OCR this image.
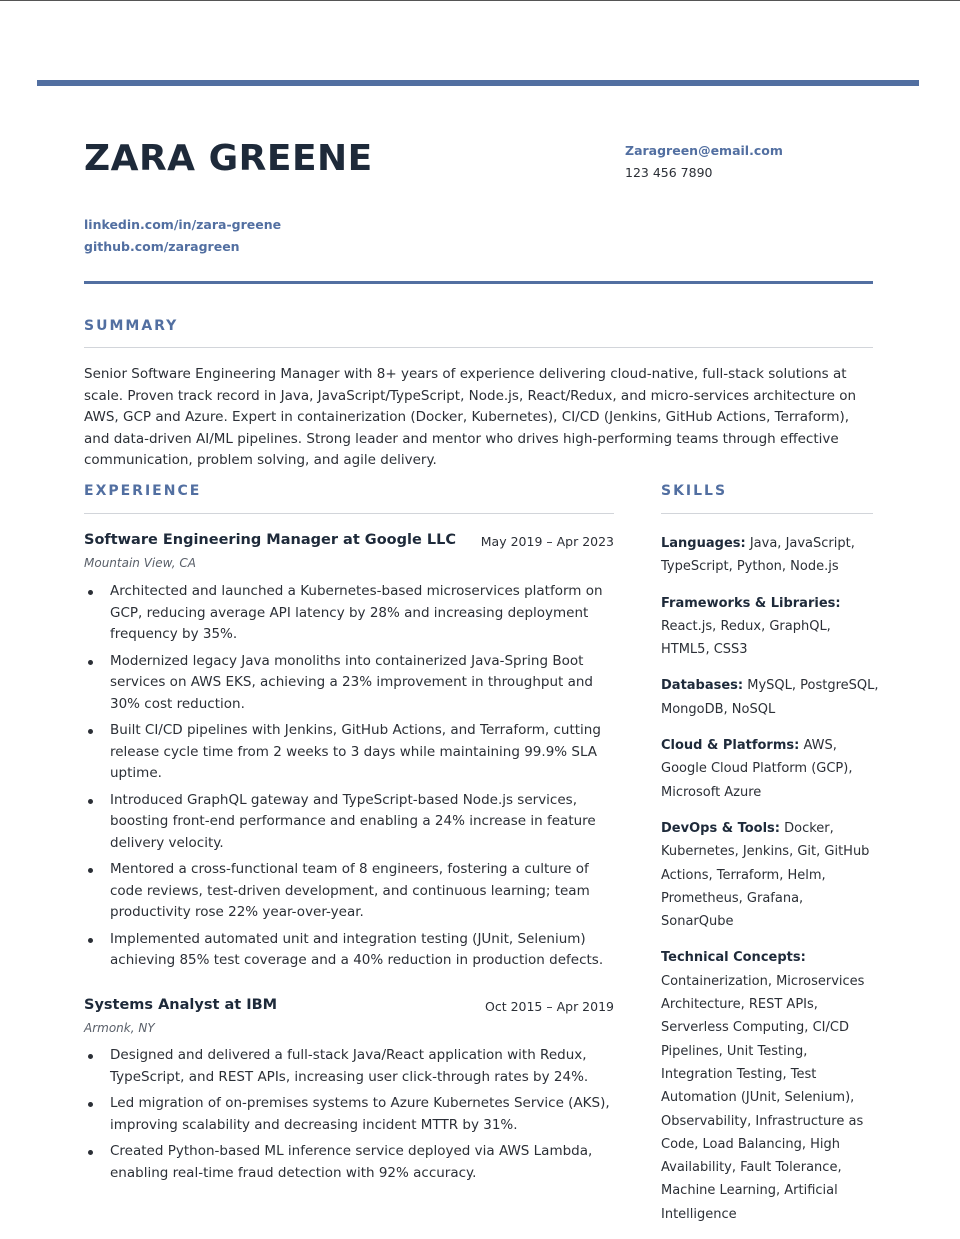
ZARA GREENE	Zaragreen@email.com
123 456 7890
linkedin.com/in/zara-greene
github.com/zaragreen
SUMMARY

Senior Software Engineering Manager with 8+ years of experience delivering cloud-native, full-stack solutions at scale. Proven track record in Java, JavaScript/TypeScript, Node.js, React/Redux, and micro-services architecture on AWS, GCP and Azure. Expert in containerization (Docker, Kubernetes), CI/CD (Jenkins, GitHub Actions, Terraform), and data-driven AI/ML pipelines. Strong leader and mentor who drives high-performing teams through effective communication, problem solving, and agile delivery.

EXPERIENCE
Software Engineering Manager at Google LLC May 2019 – Apr 2023
Mountain View, CA
Architected and launched a Kubernetes-based microservices platform on GCP, reducing average API latency by 28% and increasing deployment frequency by 35%.
Modernized legacy Java monoliths into containerized Java-Spring Boot services on AWS EKS, achieving a 23% improvement in throughput and 30% cost reduction.
Built CI/CD pipelines with Jenkins, GitHub Actions, and Terraform, cutting release cycle time from 2 weeks to 3 days while maintaining 99.9% SLA uptime.
Introduced GraphQL gateway and TypeScript-based Node.js services, boosting front-end performance and enabling a 24% increase in feature delivery velocity.
Mentored a cross-functional team of 8 engineers, fostering a culture of code reviews, test-driven development, and continuous learning; team productivity rose 22% year-over-year.
Implemented automated unit and integration testing (JUnit, Selenium) achieving 85% test coverage and a 40% reduction in production defects.
Systems Analyst at IBM	Oct 2015 – Apr 2019
Armonk, NY
Designed and delivered a full-stack Java/React application with Redux, TypeScript, and REST APIs, increasing user click-through rates by 24%.
Led migration of on-premises systems to Azure Kubernetes Service (AKS), improving scalability and decreasing incident MTTR by 31%.
Created Python-based ML inference service deployed via AWS Lambda, enabling real-time fraud detection with 92% accuracy.
SKILLS
Languages: Java, JavaScript, TypeScript, Python, Node.js
Frameworks & Libraries: React.js, Redux, GraphQL, HTML5, CSS3
Databases: MySQL, PostgreSQL, MongoDB, NoSQL
Cloud & Platforms: AWS, Google Cloud Platform (GCP), Microsoft Azure
DevOps & Tools: Docker, Kubernetes, Jenkins, Git, GitHub Actions, Terraform, Helm, Prometheus, Grafana, SonarQube
Technical Concepts:
Containerization, Microservices Architecture, REST APIs, Serverless Computing, CI/CD Pipelines, Unit Testing, Integration Testing, Test Automation (JUnit, Selenium), Observability, Infrastructure as Code, Load Balancing, High Availability, Fault Tolerance, Machine Learning, Artificial Intelligence
